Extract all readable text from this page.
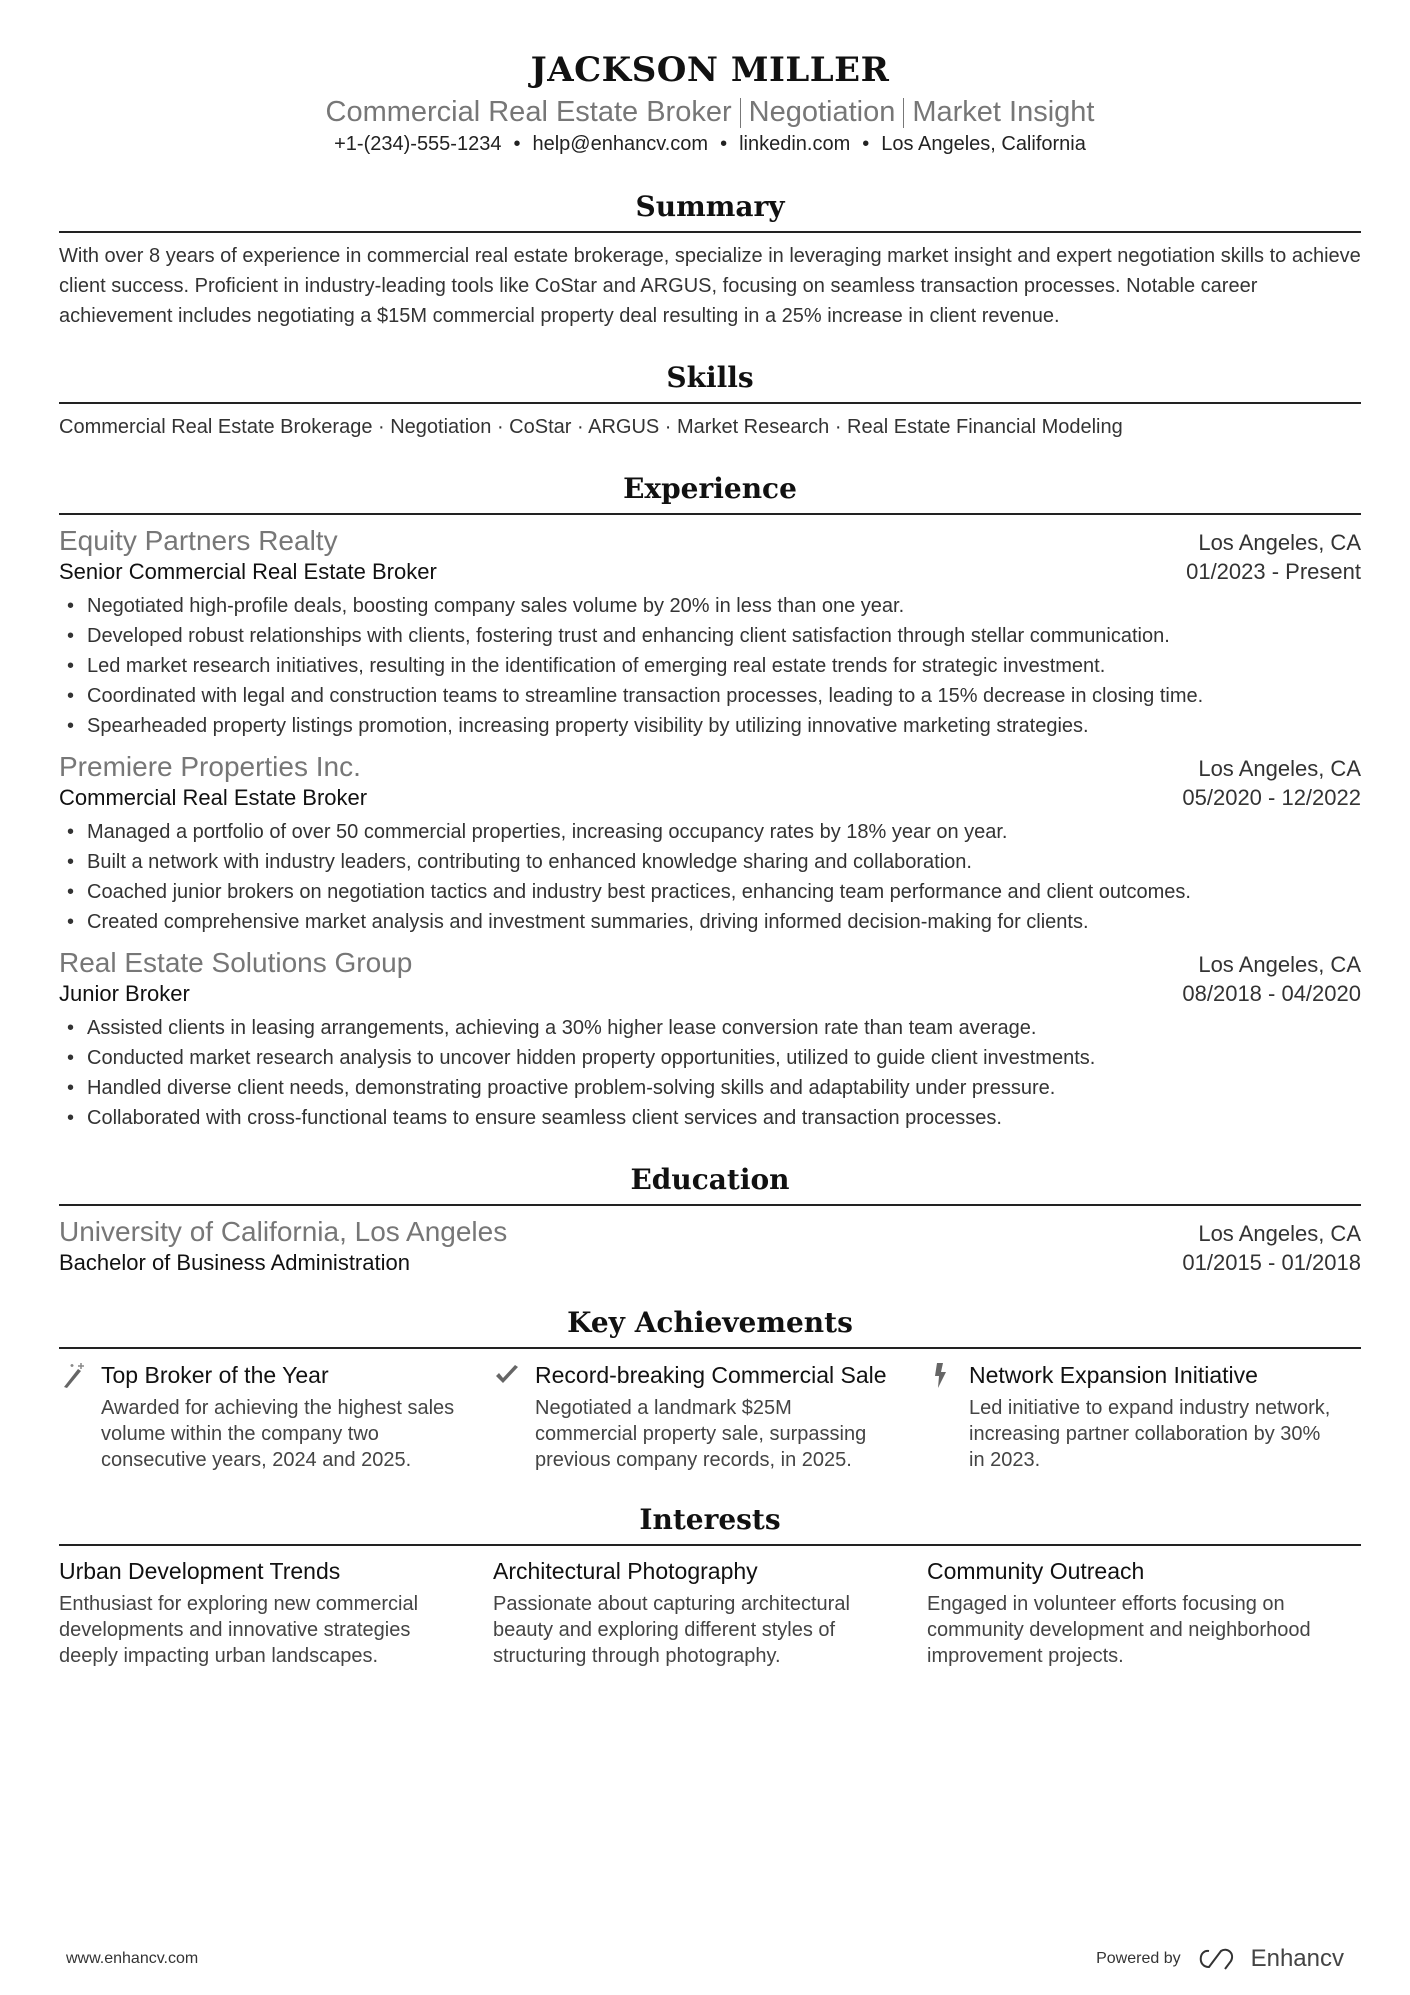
JACKSON MILLER
Commercial Real Estate Broker Negotiation Market Insight
+1-(234)-555-1234 • help@enhancv.com • linkedin.com • Los Angeles, California
Summary

With over 8 years of experience in commercial real estate brokerage, specialize in leveraging market insight and expert negotiation skills to achieve client success. Proficient in industry-leading tools like CoStar and ARGUS, focusing on seamless transaction processes. Notable career achievement includes negotiating a $15M commercial property deal resulting in a 25% increase in client revenue.

Skills

Commercial Real Estate Brokerage · Negotiation · CoStar · ARGUS · Market Research · Real Estate Financial Modeling

Experience
Equity Partners Realty	Los Angeles, CA
Senior Commercial Real Estate Broker	01/2023 - Present
• Negotiated high-profile deals, boosting company sales volume by 20% in less than one year.
• Developed robust relationships with clients, fostering trust and enhancing client satisfaction through stellar communication.
• Led market research initiatives, resulting in the identification of emerging real estate trends for strategic investment.
• Coordinated with legal and construction teams to streamline transaction processes, leading to a 15% decrease in closing time.
• Spearheaded property listings promotion, increasing property visibility by utilizing innovative marketing strategies.
Premiere Properties Inc.	Los Angeles, CA
Commercial Real Estate Broker	05/2020 - 12/2022
• Managed a portfolio of over 50 commercial properties, increasing occupancy rates by 18% year on year.
• Built a network with industry leaders, contributing to enhanced knowledge sharing and collaboration.
• Coached junior brokers on negotiation tactics and industry best practices, enhancing team performance and client outcomes.
• Created comprehensive market analysis and investment summaries, driving informed decision-making for clients.
Real Estate Solutions Group	Los Angeles, CA
Junior Broker	08/2018 - 04/2020
• Assisted clients in leasing arrangements, achieving a 30% higher lease conversion rate than team average.
• Conducted market research analysis to uncover hidden property opportunities, utilized to guide client investments.
• Handled diverse client needs, demonstrating proactive problem-solving skills and adaptability under pressure.
• Collaborated with cross-functional teams to ensure seamless client services and transaction processes.
Education
University of California, Los Angeles	Los Angeles, CA
Bachelor of Business Administration	01/2015 - 01/2018
Key Achievements
Top Broker of the Year
Awarded for achieving the highest sales volume within the company two consecutive years, 2024 and 2025.
Record-breaking Commercial Sale
Negotiated a landmark $25M commercial property sale, surpassing previous company records, in 2025.
Network Expansion Initiative
Led initiative to expand industry network, increasing partner collaboration by 30% in 2023.
Interests
Urban Development Trends
Enthusiast for exploring new commercial developments and innovative strategies deeply impacting urban landscapes.
Architectural Photography
Passionate about capturing architectural beauty and exploring different styles of structuring through photography.
Community Outreach
Engaged in volunteer efforts focusing on community development and neighborhood improvement projects.
www.enhancv.com	Powered by	Enhancv
